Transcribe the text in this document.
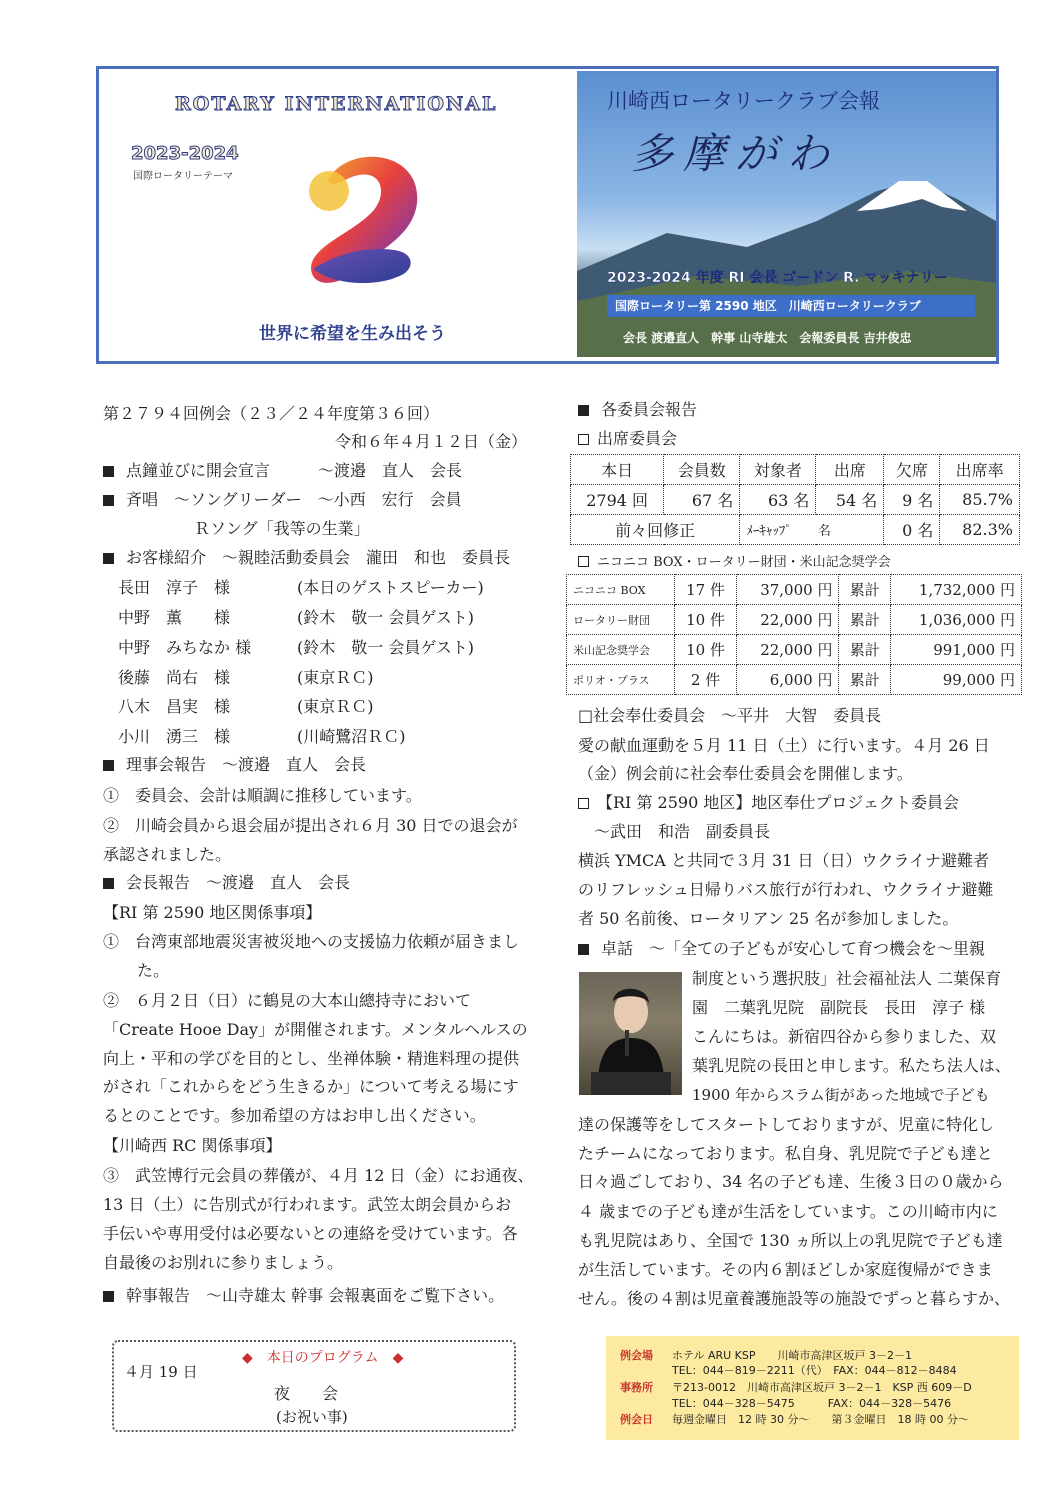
ROTARY INTERNATIONAL
2023-2024
国際ロータリーテーマ
世界に希望を生み出そう
川崎西ロータリークラブ会報
多摩がわ
2023-2024 年度 RI 会長 ゴードン R. マッキナリー
国際ロータリー第 2590 地区　川崎西ロータリークラブ
会長 渡邉直人　幹事 山寺雄太　会報委員長 吉井俊忠
第２７９４回例会（２３／２４年度第３６回）
令和６年４月１２日（金）
点鐘並びに開会宣言　　　～渡邉　直人　会長
斉唱　～ソングリーダー　～小西　宏行　会員
Ｒソング「我等の生業」
お客様紹介　～親睦活動委員会　瀧田　和也　委員長
長田　淳子　様	(本日のゲストスピーカー)
中野　薫　　様	(鈴木　敬一 会員ゲスト)
中野　みちなか 様	(鈴木　敬一 会員ゲスト)
後藤　尚右　様	(東京ＲＣ)
八木　昌実　様	(東京ＲＣ)
小川　湧三　様	(川崎鷺沼ＲＣ)
理事会報告　～渡邉　直人　会長
①　委員会、会計は順調に推移しています。
②　川崎会員から退会届が提出され６月 30 日での退会が
承認されました。
会長報告　～渡邉　直人　会長
【RI 第 2590 地区関係事項】
①　台湾東部地震災害被災地への支援協力依頼が届きまし
た。
②　６月２日（日）に鶴見の大本山總持寺において
「Create Hooe Day」が開催されます。メンタルヘルスの
向上・平和の学びを目的とし、坐禅体験・精進料理の提供
がされ「これからをどう生きるか」について考える場にす
るとのことです。参加希望の方はお申し出ください。
【川崎西 RC 関係事項】
③　武笠博行元会員の葬儀が、４月 12 日（金）にお通夜、
13 日（土）に告別式が行われます。武笠太朗会員からお
手伝いや専用受付は必要ないとの連絡を受けています。各
自最後のお別れに参りましょう。
幹事報告　～山寺雄太 幹事 会報裏面をご覧下さい。
◆　本日のプログラム　◆
４月 19 日
夜　　会
(お祝い事)
各委員会報告
出席委員会
本日	会員数	対象者	出席	欠席	出席率
2794 回	67 名	63 名	54 名	9 名	85.7%
前々回修正		ﾒｰｷｬｯﾌﾟ　　名		0 名	82.3%
ニコニコ BOX・ロータリー財団・米山記念奨学会
ニコニコ BOX	17 件	37,000 円	累計	1,732,000 円
ロータリー財団	10 件	22,000 円	累計	1,036,000 円
米山記念奨学会	10 件	22,000 円	累計	991,000 円
ポリオ・プラス	2 件	6,000 円	累計	99,000 円
□社会奉仕委員会　～平井　大智　委員長
愛の献血運動を５月 11 日（土）に行います。４月 26 日
（金）例会前に社会奉仕委員会を開催します。
【RI 第 2590 地区】地区奉仕プロジェクト委員会
～武田　和浩　副委員長
横浜 YMCA と共同で３月 31 日（日）ウクライナ避難者
のリフレッシュ日帰りバス旅行が行われ、ウクライナ避難
者 50 名前後、ロータリアン 25 名が参加しました。
卓話　～「全ての子どもが安心して育つ機会を～里親
制度という選択肢」社会福祉法人 二葉保育
園　二葉乳児院　副院長　長田　淳子 様
こんにちは。新宿四谷から参りました、双
葉乳児院の長田と申します。私たち法人は、
1900 年からスラム街があった地域で子ども
達の保護等をしてスタートしておりますが、児童に特化し
たチームになっております。私自身、乳児院で子ども達と
日々過ごしており、34 名の子ども達、生後３日の０歳から
４ 歳までの子ども達が生活をしています。この川崎市内に
も乳児院はあり、全国で 130 ヵ所以上の乳児院で子ども達
が生活しています。その内６割ほどしか家庭復帰ができま
せん。後の４割は児童養護施設等の施設でずっと暮らすか、
例会場 ホテル ARU KSP　　川崎市高津区坂戸 3－2－1
TEL：044－819－2211（代）　FAX：044－812－8484
事務所 〒213-0012　川崎市高津区坂戸 3－2－1　KSP 西 609－D
TEL：044－328－5475　　　FAX：044－328－5476
例会日 毎週金曜日　12 時 30 分～　　第３金曜日　18 時 00 分～
